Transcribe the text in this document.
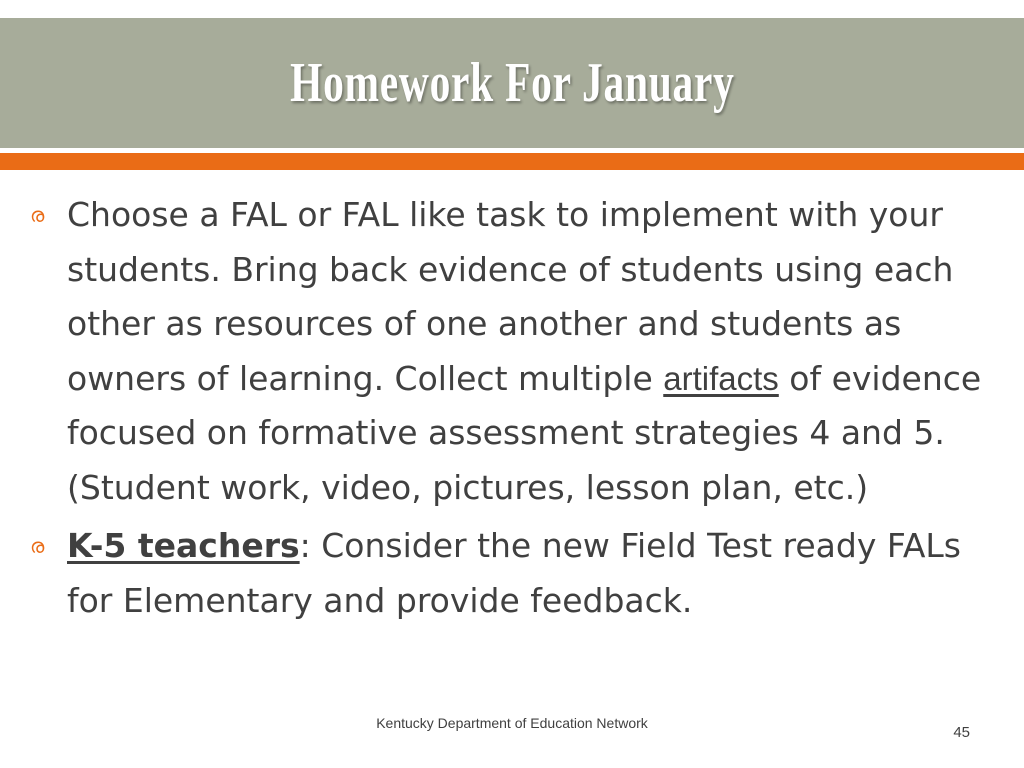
Homework For January
ര Choose a FAL or FAL like task to implement with your students. Bring back evidence of students using each other as resources of one another and students as owners of learning. Collect multiple artifacts of evidence focused on formative assessment strategies 4 and 5. (Student work, video, pictures, lesson plan, etc.)
ര K-5 teachers: Consider the new Field Test ready FALs for Elementary and provide feedback.
Kentucky Department of Education Network
45
